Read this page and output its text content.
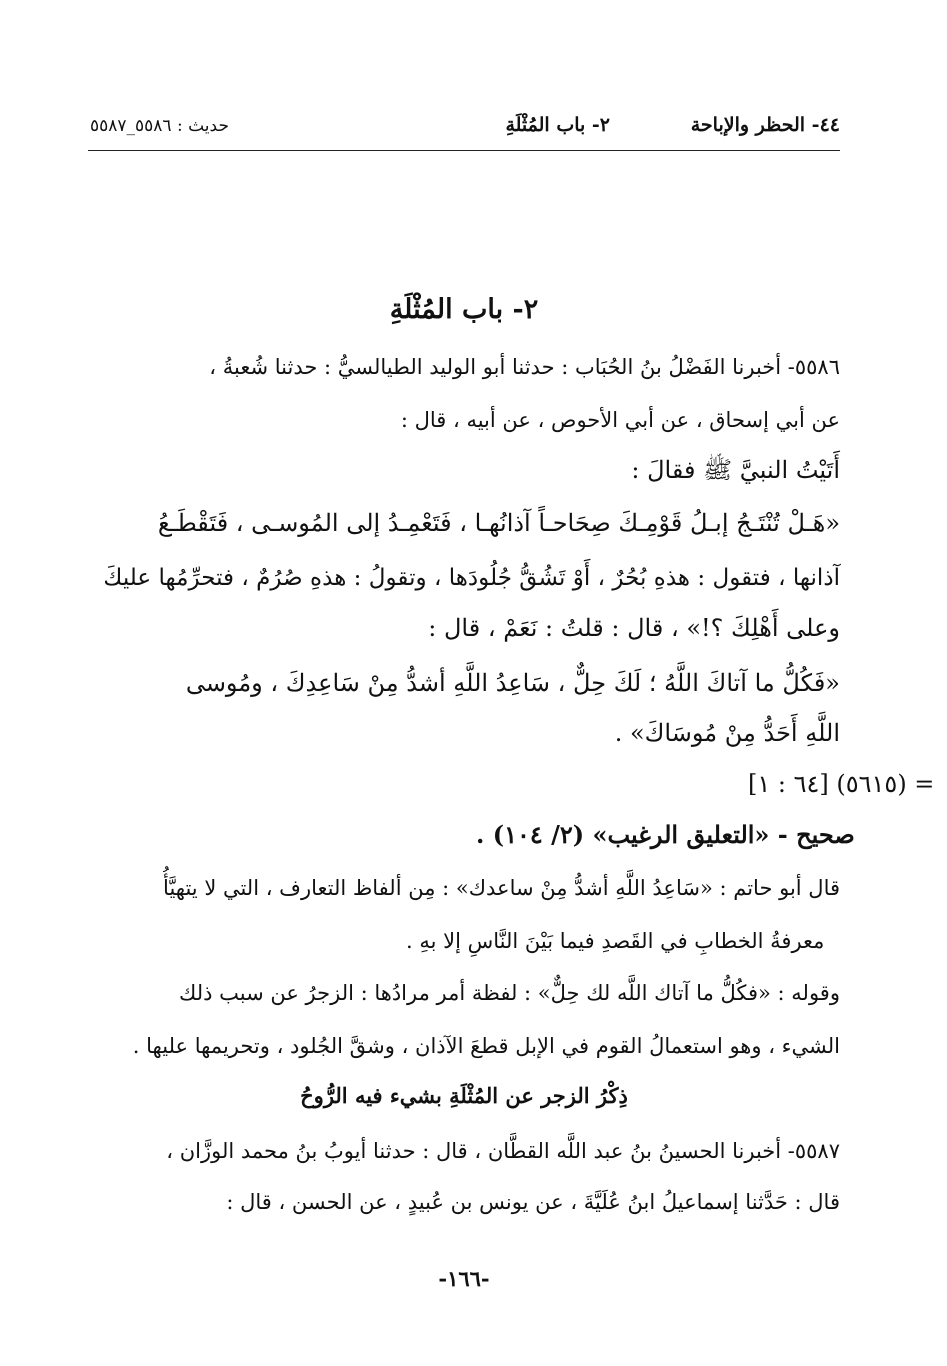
٤٤- الحظر والإباحة
٢- باب المُثْلَةِ
حديث : ٥٥٨٦_٥٥٨٧
٢- باب المُثْلَةِ
٥٥٨٦- أخبرنا الفَضْلُ بنُ الحُبَاب : حدثنا أبو الوليد الطيالسيُّ : حدثنا شُعبةُ ،
عن أبي إسحاق ، عن أبي الأحوص ، عن أبيه ، قال :
أَتَيْتُ النبيَّ ﷺ فقالَ :
«هَـلْ تُنْتَـجُ إبـلُ قَوْمِـكَ صِحَاحـاً آذانُهـا ، فَتَعْمِـدُ إلى المُوسـى ، فَتَقْطَـعُ
آذانها ، فتقول : هذهِ بُحُرٌ ، أَوْ تَشُقُّ جُلُودَها ، وتقولُ : هذهِ صُرُمٌ ، فتحرِّمُها عليكَ
وعلى أَهْلِكَ ؟!» ، قال : قلتُ : نَعَمْ ، قال :
«فَكُلُّ ما آتاكَ اللَّهُ ؛ لَكَ حِلٌّ ، سَاعِدُ اللَّهِ أشدُّ مِنْ سَاعِدِكَ ، ومُوسى
اللَّهِ أَحَدُّ مِنْ مُوسَاكَ» .
= (٥٦١٥) [٦٤ : ١]
صحيح - «التعليق الرغيب» (٢/ ١٠٤) .
قال أبو حاتم : «سَاعِدُ اللَّهِ أشدُّ مِنْ ساعدك» : مِن ألفاظ التعارف ، التي لا يتهيَّأُ
معرفةُ الخطابِ في القَصدِ فيما بَيْنَ النَّاسِ إلا بهِ .
وقوله : «فكُلُّ ما آتاك اللَّه لك حِلٌّ» : لفظة أمر مرادُها : الزجرُ عن سبب ذلك
الشيء ، وهو استعمالُ القوم في الإبل قطعَ الآذان ، وشقَّ الجُلود ، وتحريمها عليها .
ذِكْرُ الزجر عن المُثْلَةِ بشيء فيه الرُّوحُ
٥٥٨٧- أخبرنا الحسينُ بنُ عبد اللَّه القطَّان ، قال : حدثنا أيوبُ بنُ محمد الوزَّان ،
قال : حَدَّثنا إسماعيلُ ابنُ عُلَيَّةَ ، عن يونس بن عُبيدٍ ، عن الحسن ، قال :
-١٦٦-
